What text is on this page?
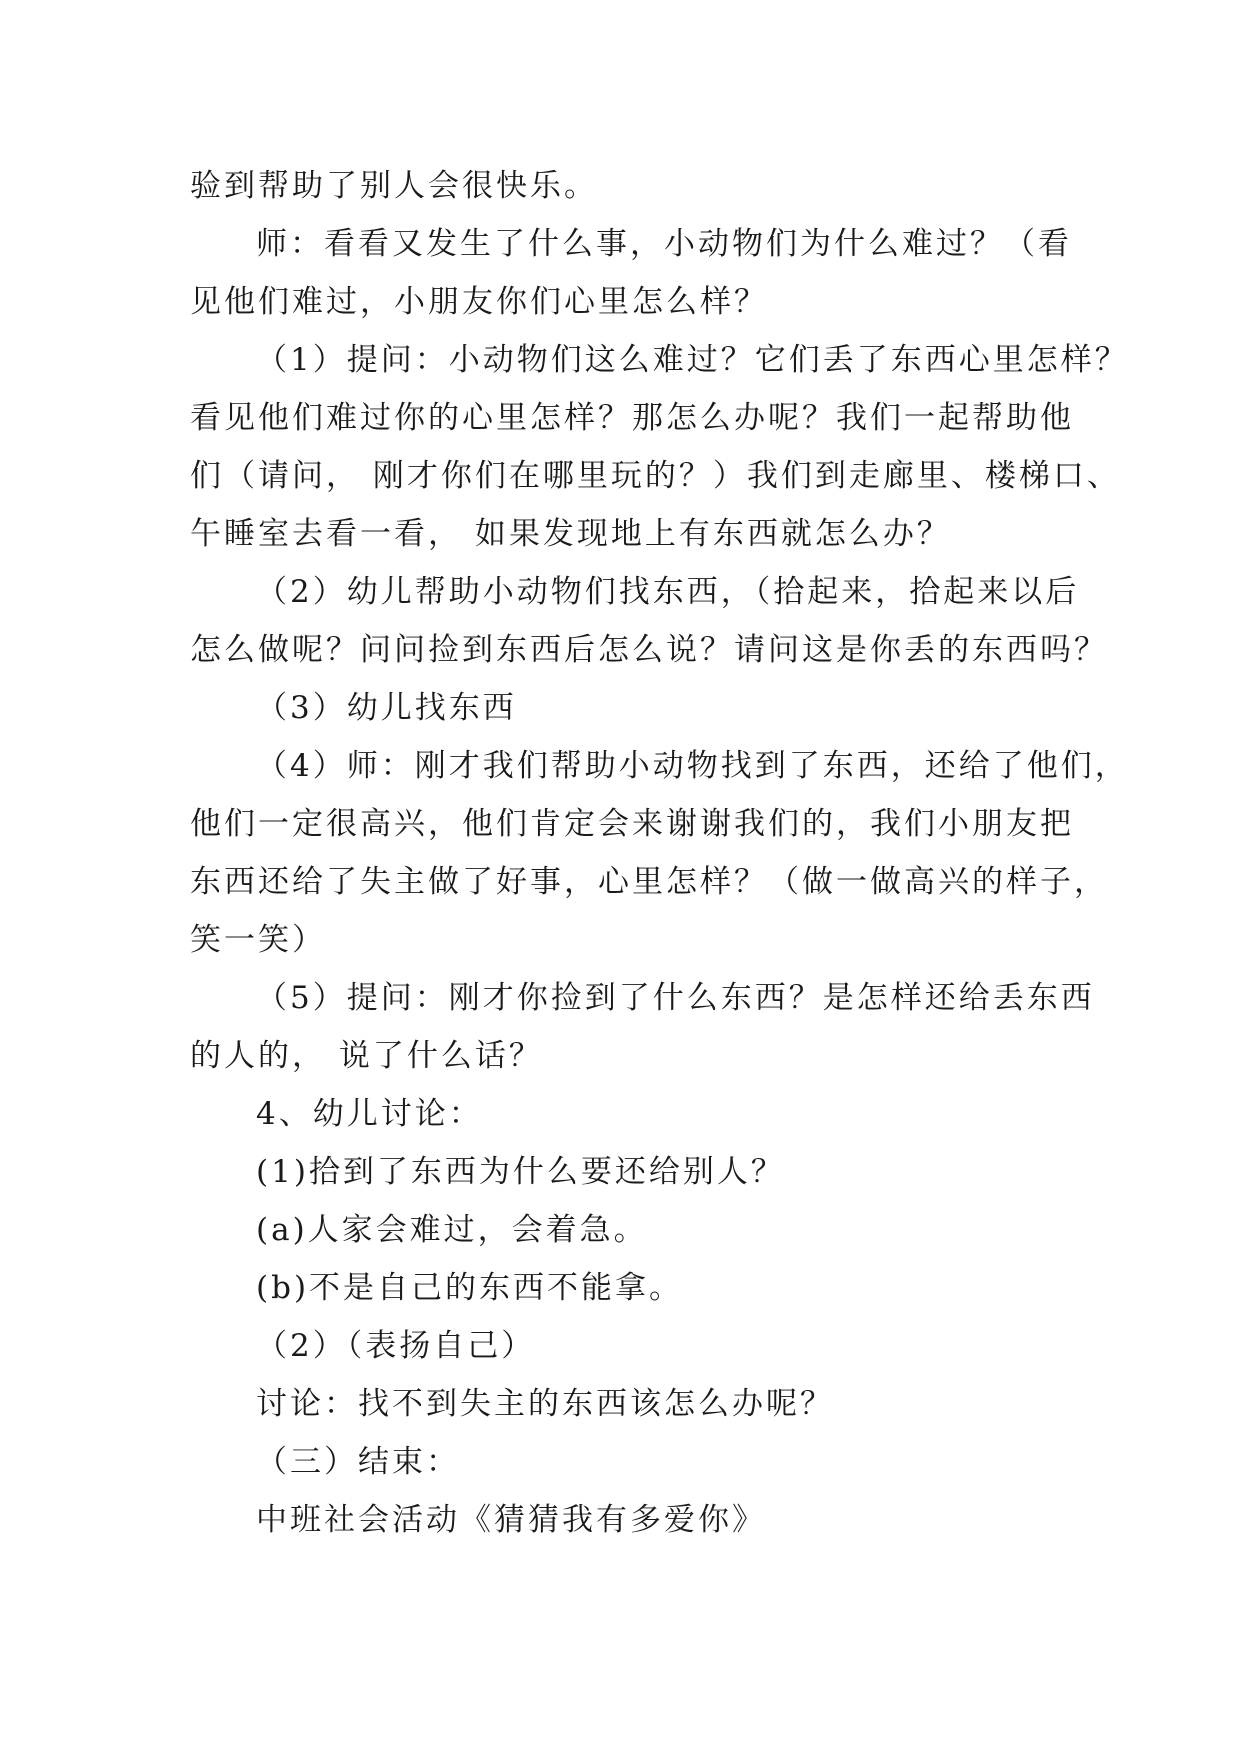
验到帮助了别人会很快乐。
师：看看又发生了什么事，小动物们为什么难过？（看
见他们难过，小朋友你们心里怎么样？
（1）提问：小动物们这么难过？它们丢了东西心里怎样？
看见他们难过你的心里怎样？那怎么办呢？我们一起帮助他
们（请问， 刚才你们在哪里玩的？）我们到走廊里、楼梯口、
午睡室去看一看， 如果发现地上有东西就怎么办？
（2）幼儿帮助小动物们找东西，（拾起来，拾起来以后
怎么做呢？问问捡到东西后怎么说？请问这是你丢的东西吗？
（3）幼儿找东西
（4）师：刚才我们帮助小动物找到了东西，还给了他们，
他们一定很高兴，他们肯定会来谢谢我们的，我们小朋友把
东西还给了失主做了好事，心里怎样？（做一做高兴的样子，
笑一笑）
（5）提问：刚才你捡到了什么东西？是怎样还给丢东西
的人的， 说了什么话？
4、幼儿讨论：
(1)拾到了东西为什么要还给别人？
(a)人家会难过，会着急。
(b)不是自己的东西不能拿。
（2）（表扬自己）
讨论：找不到失主的东西该怎么办呢？
（三）结束：
中班社会活动《猜猜我有多爱你》
